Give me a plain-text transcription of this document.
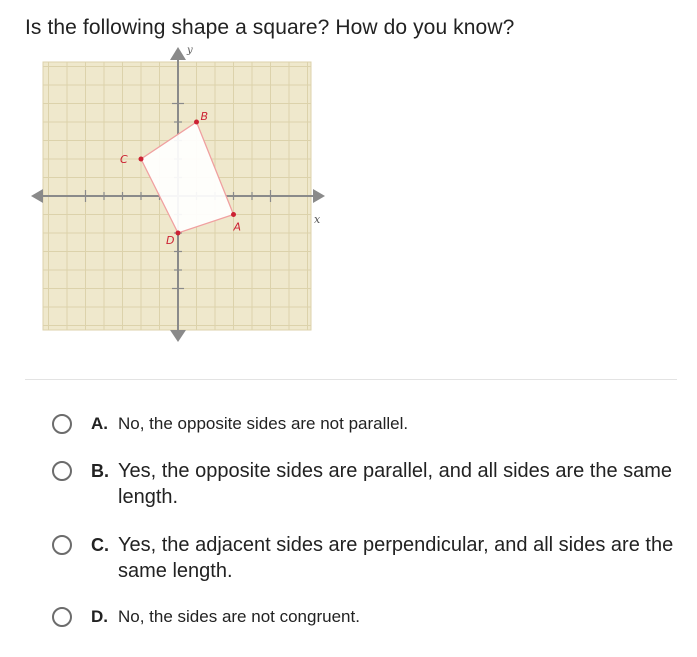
Is the following shape a square? How do you know?
x
y
A
B
C
D
A. No, the opposite sides are not parallel.
B. Yes, the opposite sides are parallel, and all sides are the same length.
C. Yes, the adjacent sides are perpendicular, and all sides are the same length.
D. No, the sides are not congruent.
